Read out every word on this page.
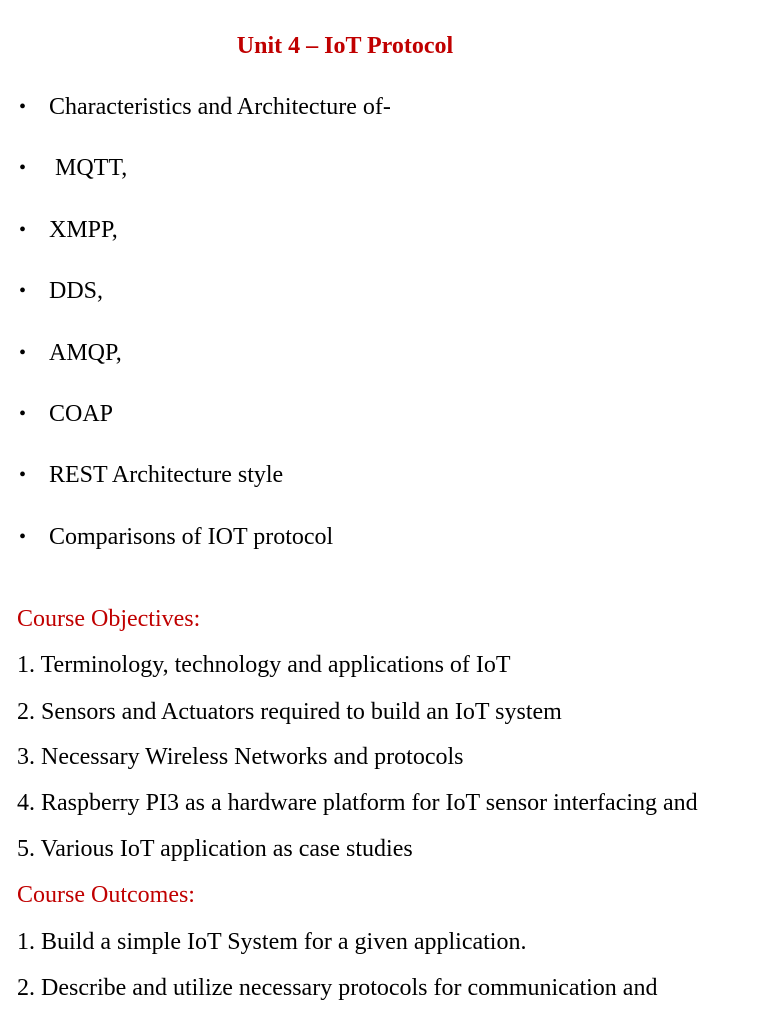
Unit 4 – IoT Protocol
• Characteristics and Architecture of-
• MQTT,
• XMPP,
• DDS,
• AMQP,
• COAP
• REST Architecture style
• Comparisons of IOT protocol
Course Objectives:
1. Terminology, technology and applications of IoT
2. Sensors and Actuators required to build an IoT system
3. Necessary Wireless Networks and protocols
4. Raspberry PI3 as a hardware platform for IoT sensor interfacing and
5. Various IoT application as case studies
Course Outcomes:
1. Build a simple IoT System for a given application.
2. Describe and utilize necessary protocols for communication and
